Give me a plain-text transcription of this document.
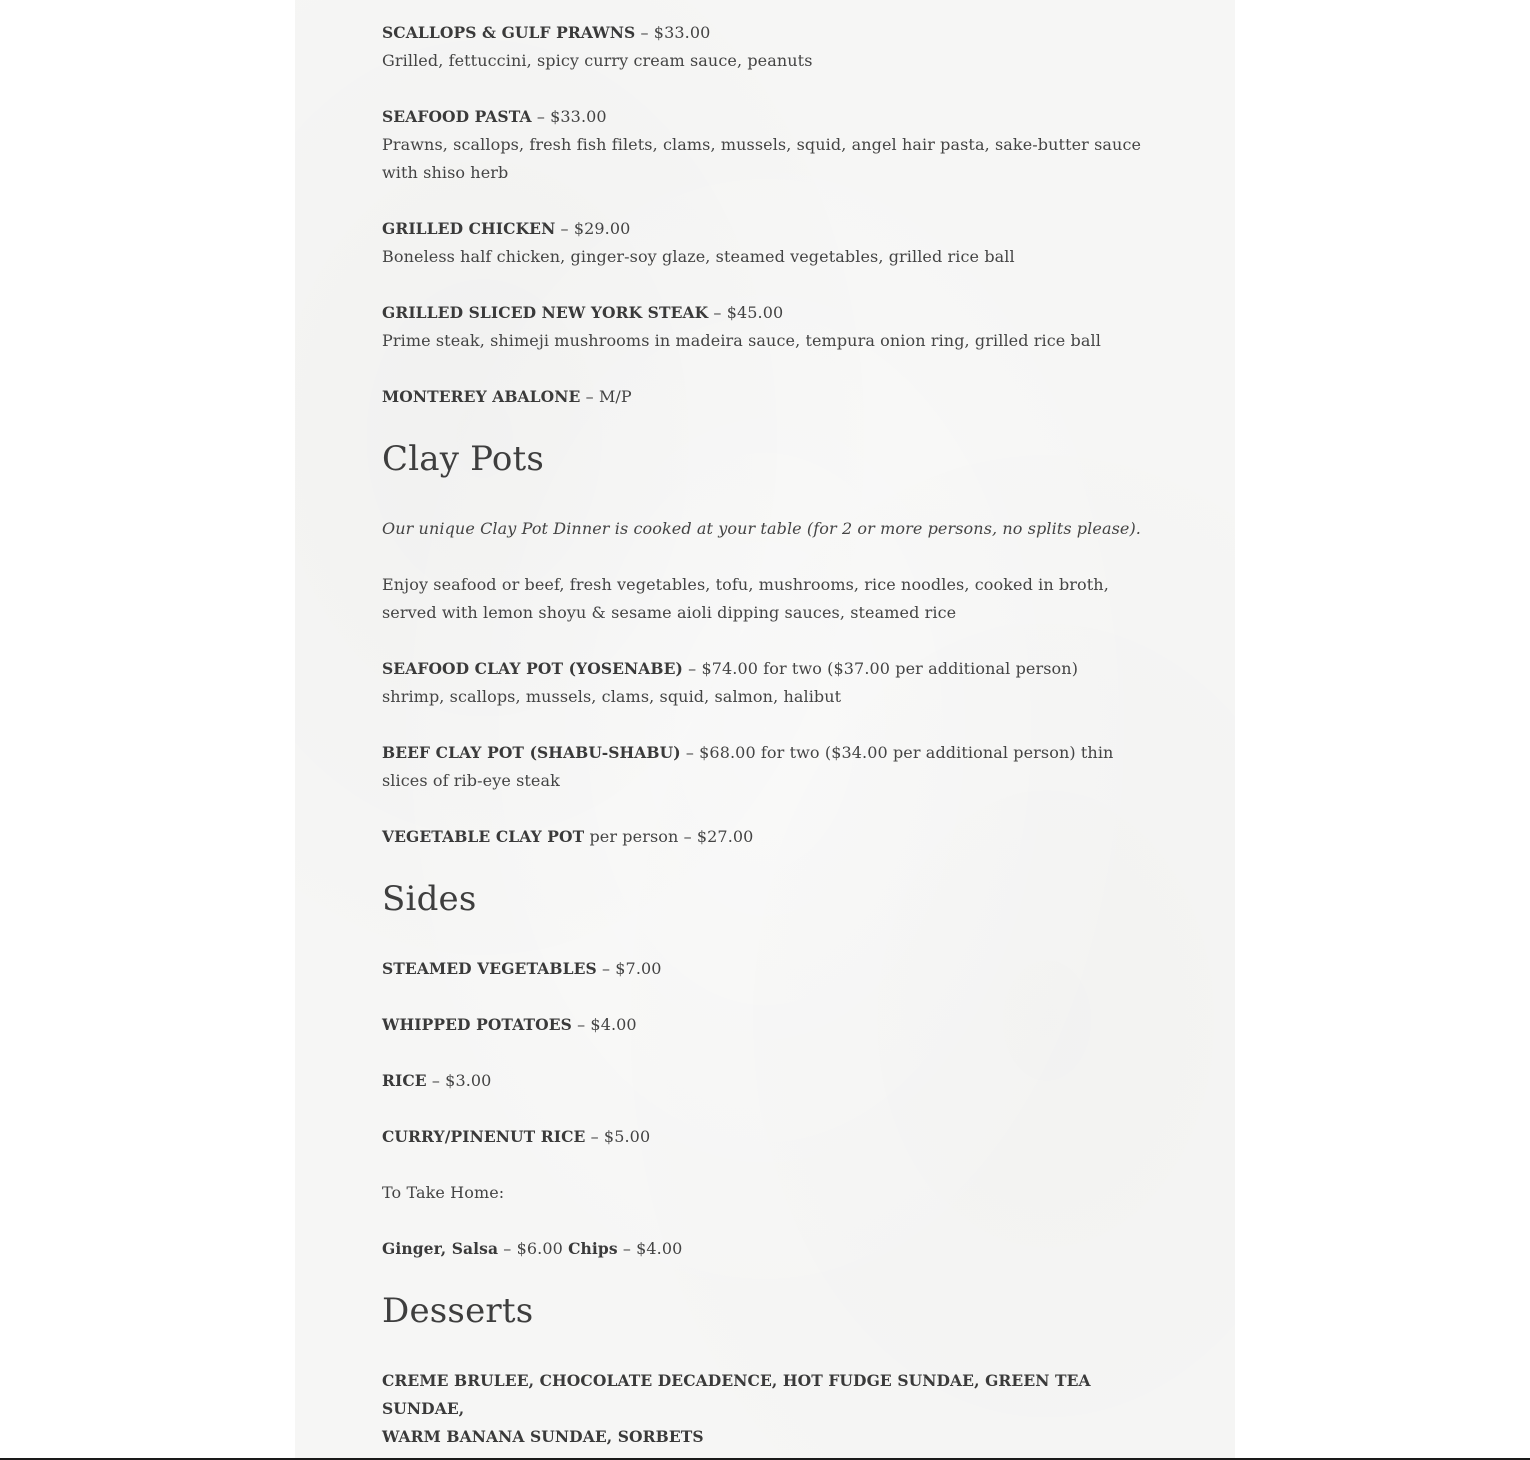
SCALLOPS & GULF PRAWNS – $33.00

Grilled, fettuccini, spicy curry cream sauce, peanuts

SEAFOOD PASTA – $33.00

Prawns, scallops, fresh fish filets, clams, mussels, squid, angel hair pasta, sake-butter sauce with shiso herb

GRILLED CHICKEN – $29.00

Boneless half chicken, ginger-soy glaze, steamed vegetables, grilled rice ball

GRILLED SLICED NEW YORK STEAK – $45.00

Prime steak, shimeji mushrooms in madeira sauce, tempura onion ring, grilled rice ball

MONTEREY ABALONE – M/P

Clay Pots

Our unique Clay Pot Dinner is cooked at your table (for 2 or more persons, no splits please).

Enjoy seafood or beef, fresh vegetables, tofu, mushrooms, rice noodles, cooked in broth, served with lemon shoyu & sesame aioli dipping sauces, steamed rice

SEAFOOD CLAY POT (YOSENABE) – $74.00 for two ($37.00 per additional person) shrimp, scallops, mussels, clams, squid, salmon, halibut

BEEF CLAY POT (SHABU-SHABU) – $68.00 for two ($34.00 per additional person) thin slices of rib-eye steak

VEGETABLE CLAY POT per person – $27.00

Sides

STEAMED VEGETABLES – $7.00

WHIPPED POTATOES – $4.00

RICE – $3.00

CURRY/PINENUT RICE – $5.00

To Take Home:

Ginger, Salsa – $6.00 Chips – $4.00

Desserts

CREME BRULEE, CHOCOLATE DECADENCE, HOT FUDGE SUNDAE, GREEN TEA SUNDAE,
WARM BANANA SUNDAE, SORBETS
